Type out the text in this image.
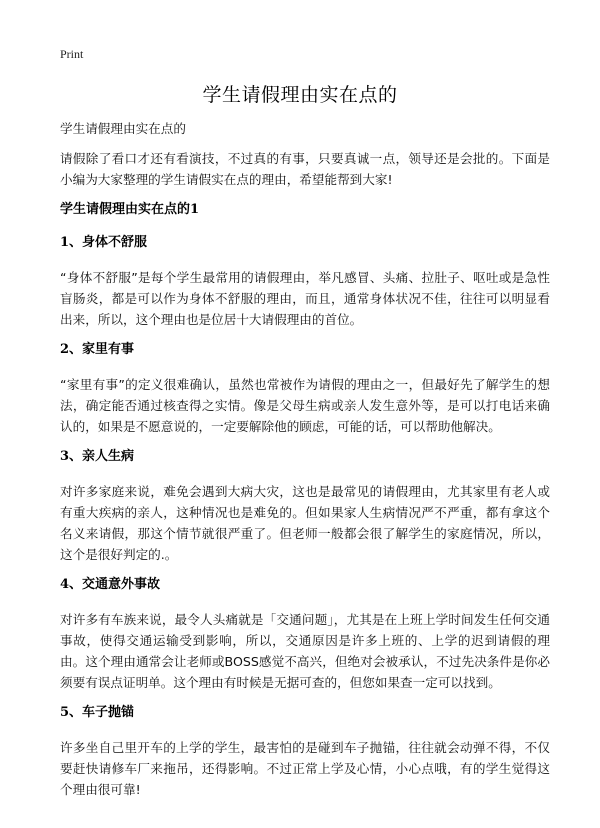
Print
学生请假理由实在点的

学生请假理由实在点的

请假除了看口才还有看演技，不过真的有事，只要真诚一点，领导还是会批的。下面是小编为大家整理的学生请假实在点的理由，希望能帮到大家!

学生请假理由实在点的1
1、身体不舒服

“身体不舒服”是每个学生最常用的请假理由，举凡感冒、头痛、拉肚子、呕吐或是急性盲肠炎，都是可以作为身体不舒服的理由，而且，通常身体状况不佳，往往可以明显看出来，所以，这个理由也是位居十大请假理由的首位。

2、家里有事

“家里有事”的定义很难确认，虽然也常被作为请假的理由之一，但最好先了解学生的想法，确定能否通过核查得之实情。像是父母生病或亲人发生意外等，是可以打电话来确认的，如果是不愿意说的，一定要解除他的顾虑，可能的话，可以帮助他解决。

3、亲人生病

对许多家庭来说，难免会遇到大病大灾，这也是最常见的请假理由，尤其家里有老人或有重大疾病的亲人，这种情况也是难免的。但如果家人生病情况严不严重，都有拿这个名义来请假，那这个情节就很严重了。但老师一般都会很了解学生的家庭情况，所以，这个是很好判定的.。

4、交通意外事故

对许多有车族来说，最令人头痛就是「交通问题」，尤其是在上班上学时间发生任何交通事故，使得交通运输受到影响，所以，交通原因是许多上班的、上学的迟到请假的理由。这个理由通常会让老师或BOSS感觉不高兴，但绝对会被承认，不过先决条件是你必须要有误点证明单。这个理由有时候是无据可查的，但您如果查一定可以找到。

5、车子抛锚

许多坐自己里开车的上学的学生，最害怕的是碰到车子抛锚，往往就会动弹不得，不仅要赶快请修车厂来拖吊，还得影响。不过正常上学及心情，小心点哦，有的学生觉得这个理由很可靠!
